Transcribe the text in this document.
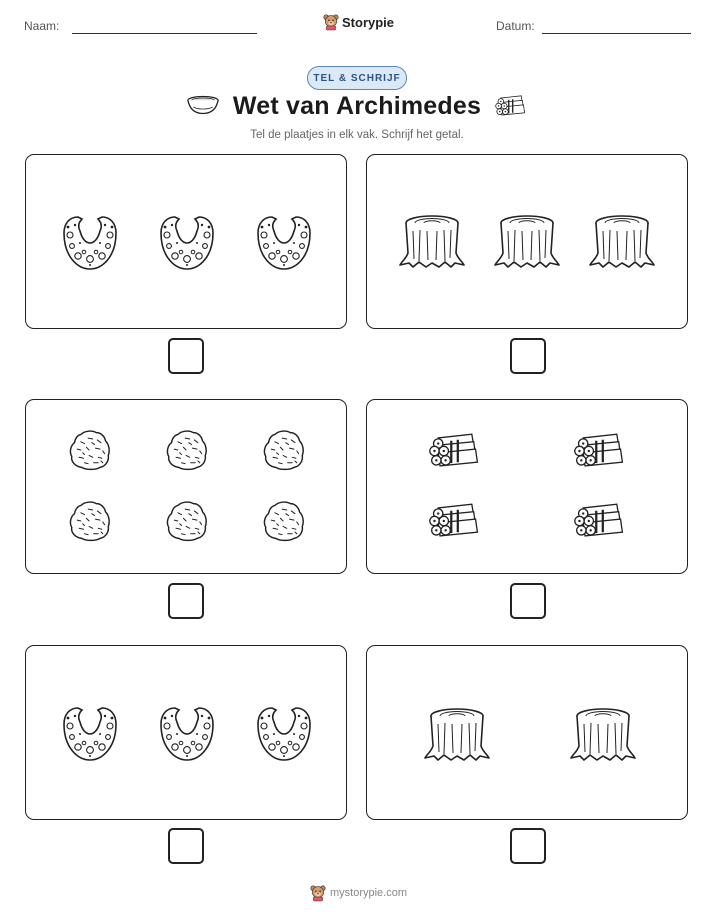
Naam:	Storypie	Datum:
TEL & SCHRIJF
Wet van Archimedes
Tel de plaatjes in elk vak. Schrijf het getal.
mystorypie.com
